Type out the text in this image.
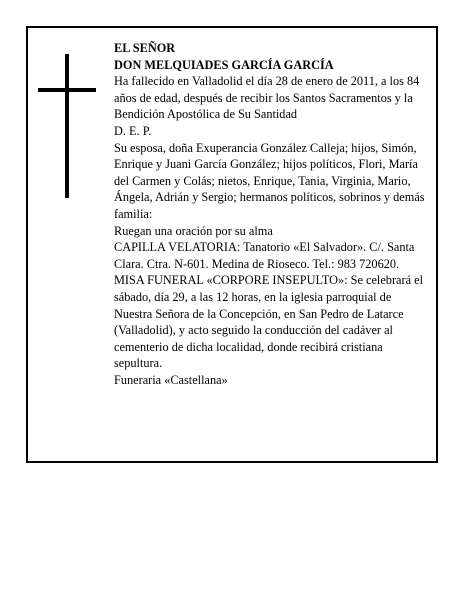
EL SEÑOR

DON MELQUIADES GARCÍA GARCÍA

Ha fallecido en Valladolid el día 28 de enero de 2011, a los 84 años de edad, después de recibir los Santos Sacramentos y la Bendición Apostólica de Su Santidad

D. E. P.

Su esposa, doña Exuperancia González Calleja; hijos, Simón, Enrique y Juani García González; hijos políticos, Flori, María del Carmen y Colás; nietos, Enrique, Tania, Virginia, Mario, Ángela, Adrián y Sergio; hermanos políticos, sobrinos y demás familia:

Ruegan una oración por su alma

CAPILLA VELATORIA: Tanatorio «El Salvador». C/. Santa Clara. Ctra. N-601. Medina de Rioseco. Tel.: 983 720620.

MISA FUNERAL «CORPORE INSEPULTO»: Se celebrará el sábado, día 29, a las 12 horas, en la iglesia parroquial de Nuestra Señora de la Concepción, en San Pedro de Latarce (Valladolid), y acto seguido la conducción del cadáver al cementerio de dicha localidad, donde recibirá cristiana sepultura.

Funeraria «Castellana»
